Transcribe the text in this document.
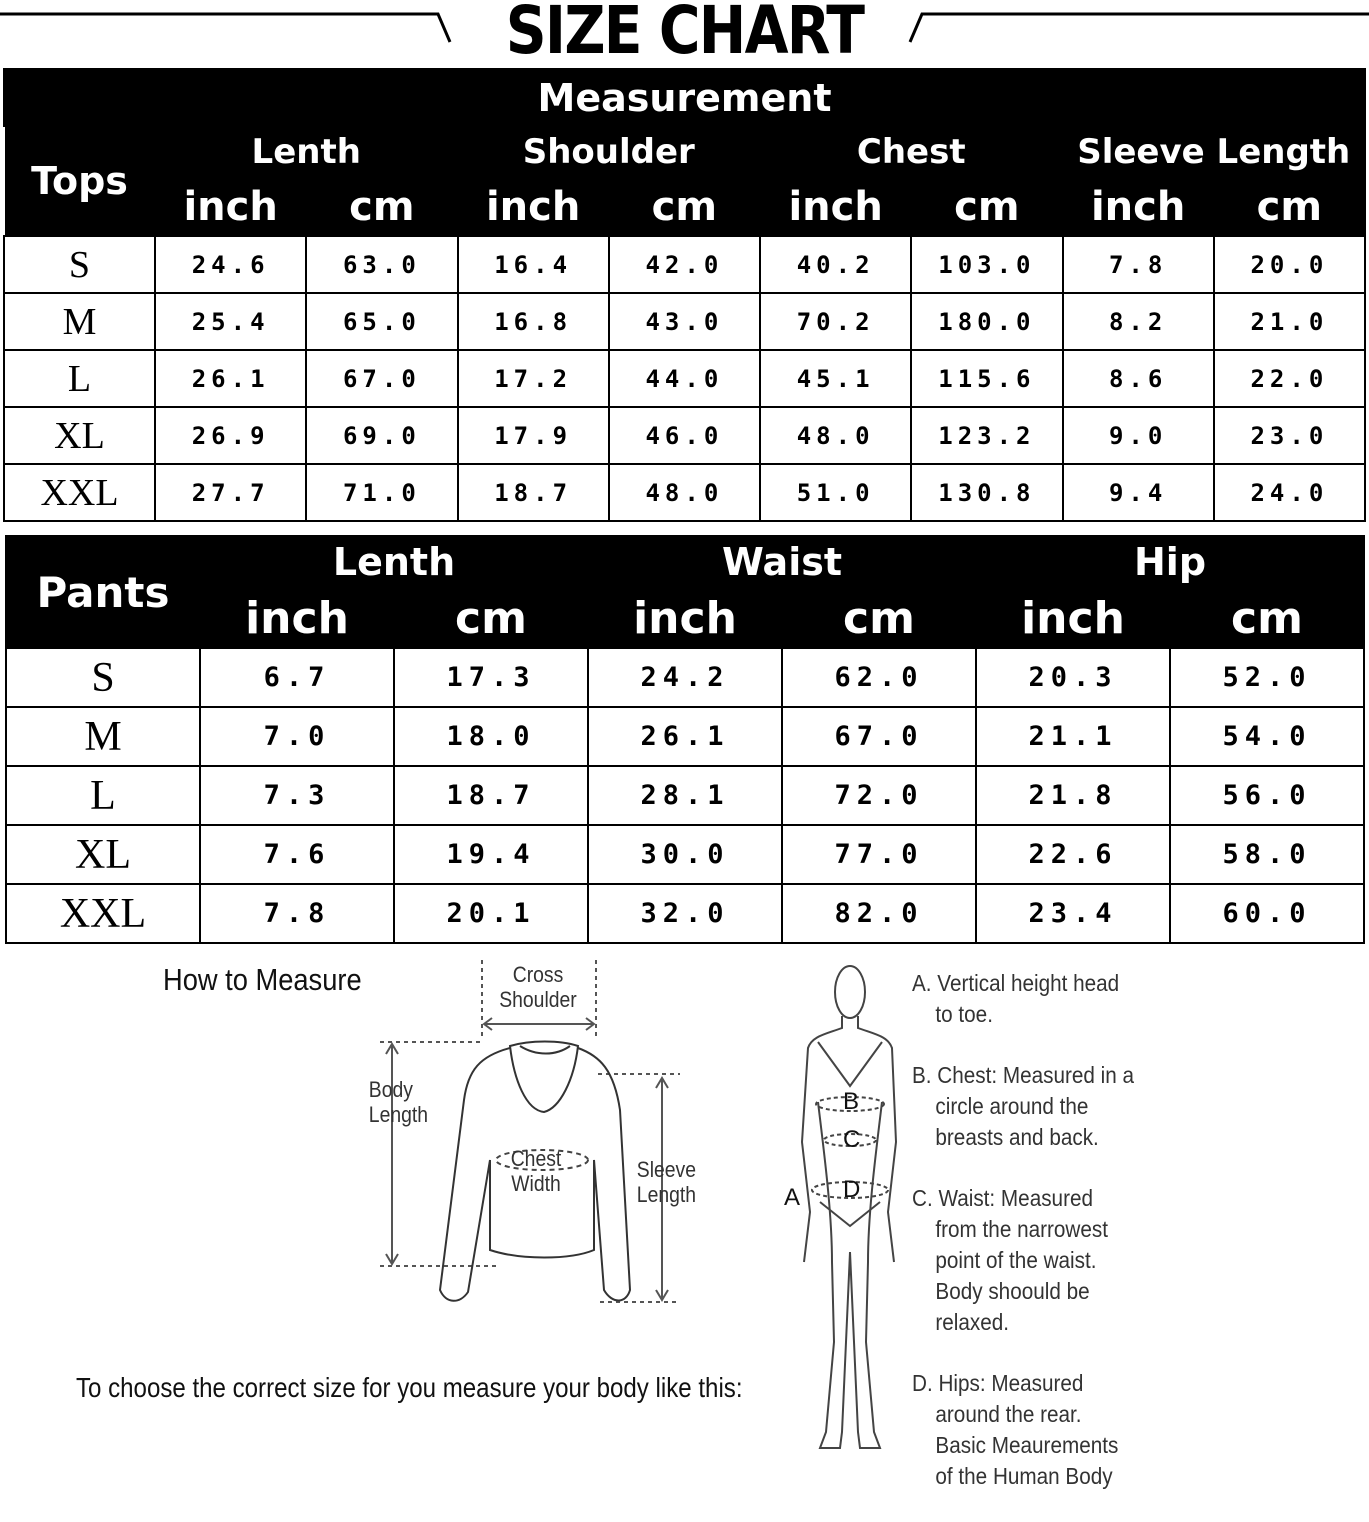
SIZE CHART
Measurement								
Tops	Lenth		Shoulder		Chest		Sleeve Length	
	inch	cm	inch	cm	inch	cm	inch	cm
S	24.6	63.0	16.4	42.0	40.2	103.0	7.8	20.0
M	25.4	65.0	16.8	43.0	70.2	180.0	8.2	21.0
L	26.1	67.0	17.2	44.0	45.1	115.6	8.6	22.0
XL	26.9	69.0	17.9	46.0	48.0	123.2	9.0	23.0
XXL	27.7	71.0	18.7	48.0	51.0	130.8	9.4	24.0
Pants	Lenth		Waist		Hip	
	inch	cm	inch	cm	inch	cm
S	6.7	17.3	24.2	62.0	20.3	52.0
M	7.0	18.0	26.1	67.0	21.1	54.0
L	7.3	18.7	28.1	72.0	21.8	56.0
XL	7.6	19.4	30.0	77.0	22.6	58.0
XXL	7.8	20.1	32.0	82.0	23.4	60.0
How to Measure	Cross
Shoulder
Body
Length
Chest
Width
Sleeve
Length	A
B
C
D
A. Vertical height head
to toe.
B. Chest: Measured in a
circle around the
breasts and back.
C. Waist: Measured
from the narrowest
point of the waist.
Body shoould be
relaxed.
D. Hips: Measured
around the rear.
Basic Meaurements
of the Human Body
To choose the correct size for you measure your body like this:
